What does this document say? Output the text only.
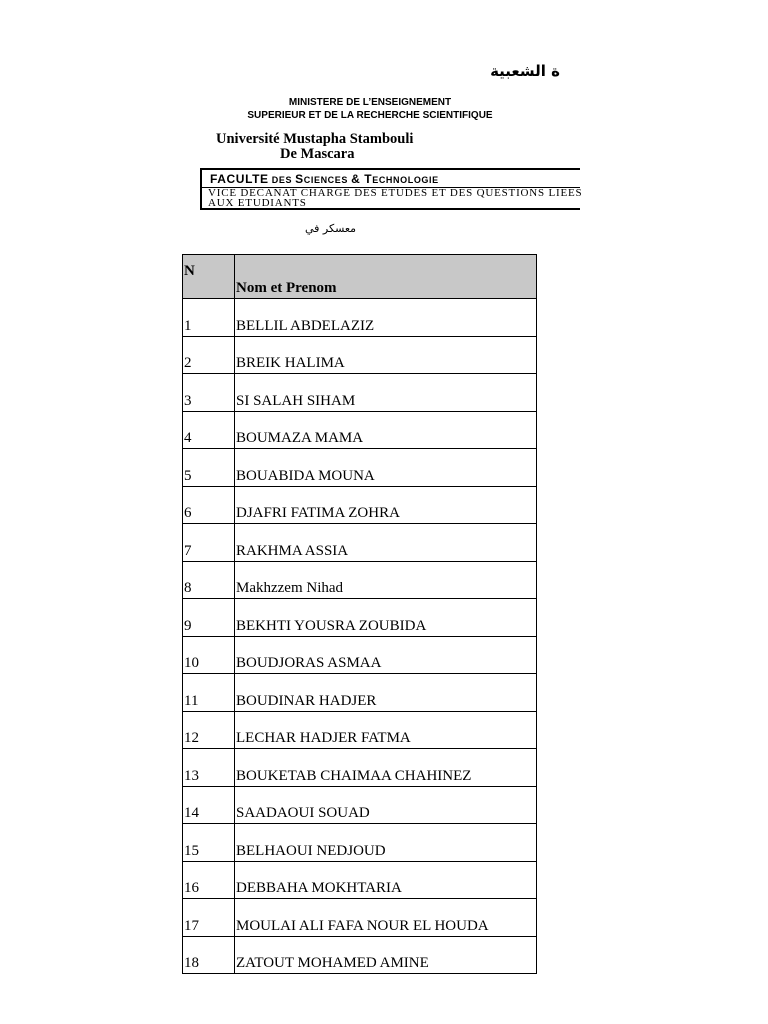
ة الشعبية
MINISTERE DE L’ENSEIGNEMENT
SUPERIEUR ET DE LA RECHERCHE SCIENTIFIQUE
Université Mustapha Stambouli
De Mascara
FACULTE DES SCIENCES & TECHNOLOGIE
VICE DECANAT CHARGE DES ETUDES ET DES QUESTIONS LIEES
AUX ETUDIANTS
معسكر في
N	Nom et Prenom
1	BELLIL ABDELAZIZ
2	BREIK HALIMA
3	SI SALAH SIHAM
4	BOUMAZA MAMA
5	BOUABIDA MOUNA
6	DJAFRI FATIMA ZOHRA
7	RAKHMA ASSIA
8	Makhzzem Nihad
9	BEKHTI YOUSRA ZOUBIDA
10	BOUDJORAS ASMAA
11	BOUDINAR HADJER
12	LECHAR HADJER FATMA
13	BOUKETAB CHAIMAA CHAHINEZ
14	SAADAOUI SOUAD
15	BELHAOUI NEDJOUD
16	DEBBAHA MOKHTARIA
17	MOULAI ALI FAFA NOUR EL HOUDA
18	ZATOUT MOHAMED AMINE
